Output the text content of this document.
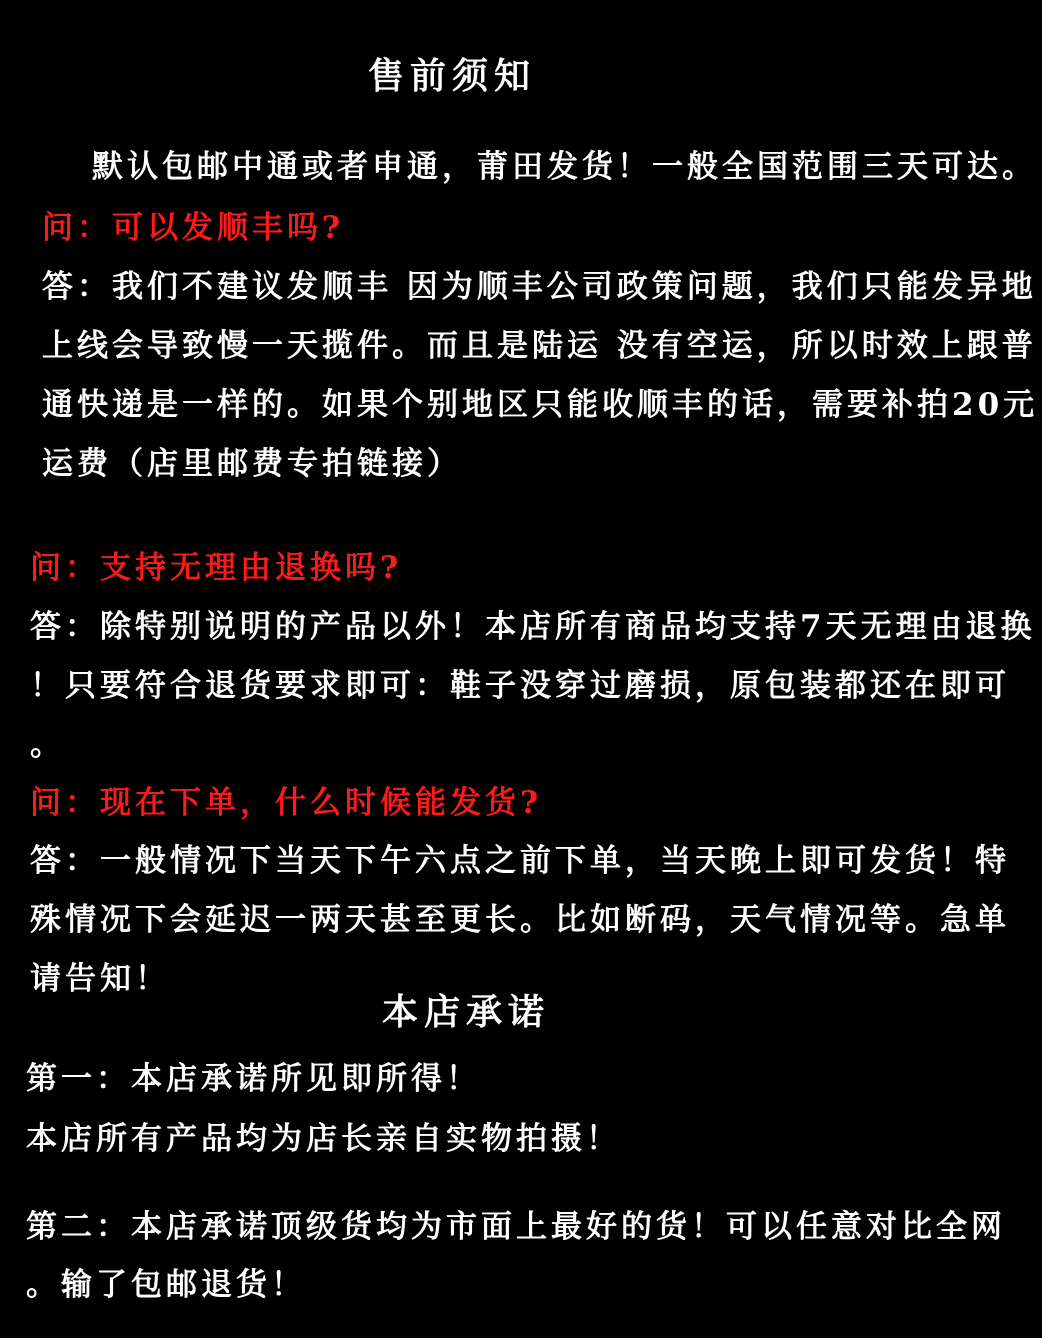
售前须知
默认包邮中通或者申通，莆田发货！一般全国范围三天可达。
问：可以发顺丰吗?
答：我们不建议发顺丰 因为顺丰公司政策问题，我们只能发异地
上线会导致慢一天揽件。而且是陆运 没有空运，所以时效上跟普
通快递是一样的。如果个别地区只能收顺丰的话，需要补拍20元
运费（店里邮费专拍链接）
问：支持无理由退换吗?
答：除特别说明的产品以外！本店所有商品均支持7天无理由退换
！只要符合退货要求即可：鞋子没穿过磨损，原包装都还在即可
。
问：现在下单，什么时候能发货?
答：一般情况下当天下午六点之前下单，当天晚上即可发货！特
殊情况下会延迟一两天甚至更长。比如断码，天气情况等。急单
请告知！
本店承诺
第一：本店承诺所见即所得！
本店所有产品均为店长亲自实物拍摄！
第二：本店承诺顶级货均为市面上最好的货！可以任意对比全网
。输了包邮退货！
